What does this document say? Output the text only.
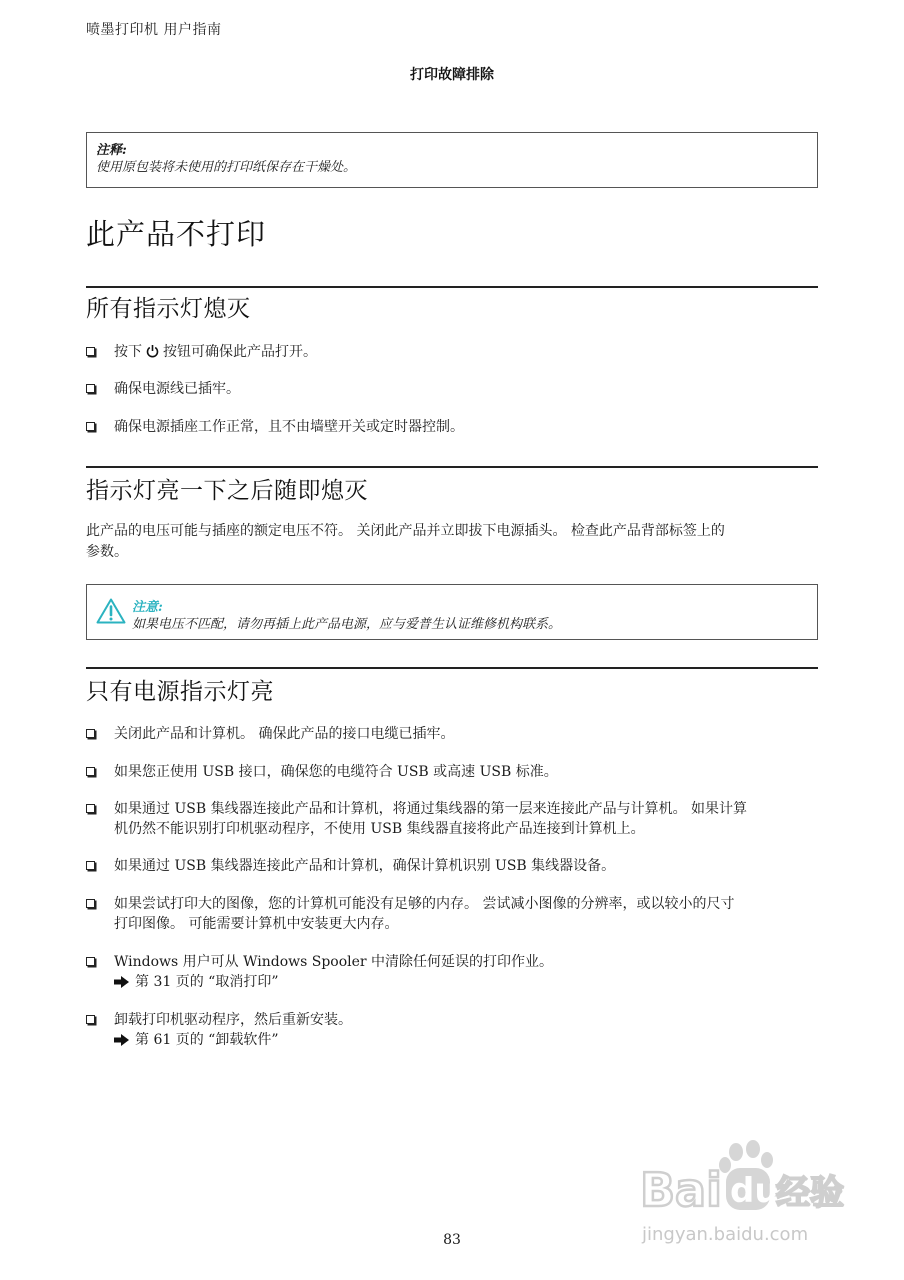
喷墨打印机 用户指南
打印故障排除
注释:
使用原包装将未使用的打印纸保存在干燥处。
此产品不打印
所有指示灯熄灭
按下 按钮可确保此产品打开。
确保电源线已插牢。
确保电源插座工作正常，且不由墙壁开关或定时器控制。
指示灯亮一下之后随即熄灭
此产品的电压可能与插座的额定电压不符。 关闭此产品并立即拔下电源插头。 检查此产品背部标签上的
参数。
注意:
如果电压不匹配，请勿再插上此产品电源，应与爱普生认证维修机构联系。
只有电源指示灯亮
关闭此产品和计算机。 确保此产品的接口电缆已插牢。
如果您正使用 USB 接口，确保您的电缆符合 USB 或高速 USB 标准。
如果通过 USB 集线器连接此产品和计算机，将通过集线器的第一层来连接此产品与计算机。 如果计算
机仍然不能识别打印机驱动程序，不使用 USB 集线器直接将此产品连接到计算机上。
如果通过 USB 集线器连接此产品和计算机，确保计算机识别 USB 集线器设备。
如果尝试打印大的图像，您的计算机可能没有足够的内存。 尝试减小图像的分辨率，或以较小的尺寸
打印图像。 可能需要计算机中安装更大内存。
Windows 用户可从 Windows Spooler 中清除任何延误的打印作业。
第 31 页的 “取消打印”
卸载打印机驱动程序，然后重新安装。
第 61 页的 “卸载软件”
Bai du
经验
jingyan.baidu.com
83
